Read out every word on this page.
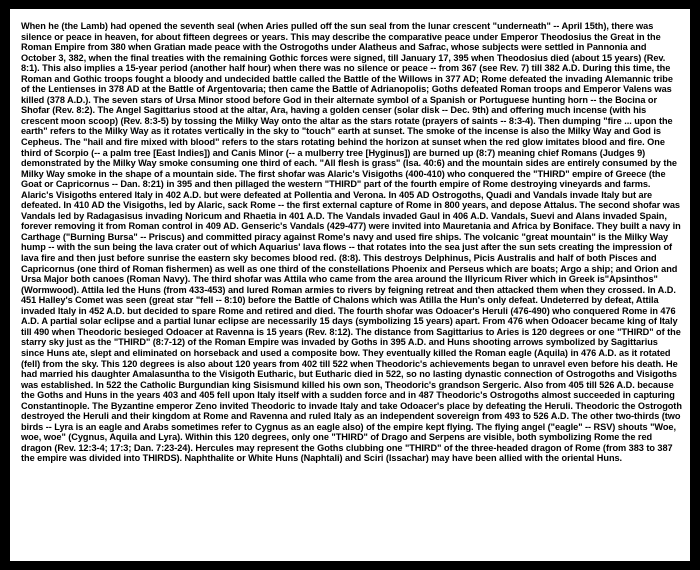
When he (the Lamb) had opened the seventh seal (when Aries pulled off the sun seal from the lunar crescent "underneath" -- April 15th), there was silence or peace in heaven, for about fifteen degrees or years. This may describe the comparative peace under Emperor Theodosius the Great in the Roman Empire from 380 when Gratian made peace with the Ostrogoths under Alatheus and Safrac, whose subjects were settled in Pannonia and October 3, 382, when the final treaties with the remaining Gothic forces were signed, till January 17, 395 when Theodosius died (about 15 years) (Rev. 8:1). This also implies a 15-year period (another half hour) when there was no silence or peace -- from 367 (see Rev. 7) till 382 A.D. During this time, the Roman and Gothic troops fought a bloody and undecided battle called the Battle of the Willows in 377 AD; Rome defeated the invading Alemannic tribe of the Lentienses in 378 AD at the Battle of Argentovaria; then came the Battle of Adrianopolis; Goths defeated Roman troops and Emperor Valens was killed (378 A.D.). The seven stars of Ursa Minor stood before God in their alternate symbol of a Spanish or Portuguese hunting horn -- the Bocina or Shofar (Rev. 8:2). The Angel Sagittarius stood at the altar, Ara, having a golden censer (solar disk -- Dec. 9th) and offering much incense (with his crescent moon scoop) (Rev. 8:3-5) by tossing the Milky Way onto the altar as the stars rotate (prayers of saints -- 8:3-4). Then dumping "fire ... upon the earth" refers to the Milky Way as it rotates vertically in the sky to "touch" earth at sunset. The smoke of the incense is also the Milky Way and God is Cepheus. The "hail and fire mixed with blood" refers to the stars rotating behind the horizon at sunset when the red glow imitates blood and fire. One third of Scorpio (-- a palm tree [East Indies]) and Canis Minor (-- a mulberry tree [Hyginus]) are burned up (8:7) meaning chief Romans (Judges 9) demonstrated by the Milky Way smoke consuming one third of each. "All flesh is grass" (Isa. 40:6) and the mountain sides are entirely consumed by the Milky Way smoke in the shape of a mountain side. The first shofar was Alaric's Visigoths (400-410) who conquered the "THIRD" empire of Greece (the Goat or Capricornus -- Dan. 8:21) in 395 and then pillaged the western "THIRD" part of the fourth empire of Rome destroying vineyards and farms. Alaric's Visigoths entered Italy in 402 A.D. but were defeated at Pollentia and Verona. In 405 AD Ostrogoths, Quadi and Vandals invade Italy but are defeated. In 410 AD the Visigoths, led by Alaric, sack Rome -- the first external capture of Rome in 800 years, and depose Attalus. The second shofar was Vandals led by Radagasisus invading Noricum and Rhaetia in 401 A.D. The Vandals invaded Gaul in 406 A.D. Vandals, Suevi and Alans invaded Spain, forever removing it from Roman control in 409 AD. Genseric's Vandals (429-477) were invited into Mauretania and Africa by Boniface. They built a navy in Carthage ("Burning Bursa" -- Priscus) and committed piracy against Rome's navy and used fire ships. The volcanic "great mountain" is the Milky Way hump -- with the sun being the lava crater out of which Aquarius' lava flows -- that rotates into the sea just after the sun sets creating the impression of lava fire and then just before sunrise the eastern sky becomes blood red. (8:8). This destroys Delphinus, Picis Australis and half of both Pisces and Capricornus (one third of Roman fishermen) as well as one third of the constellations Phoenix and Perseus which are boats; Argo a ship; and Orion and Ursa Major both canoes (Roman Navy). The third shofar was Attila who came from the area around the Illyricum River which in Greek is"Apsinthos" (Wormwood). Attila led the Huns (from 433-453) and lured Roman armies to rivers by feigning retreat and then attacked them when they crossed. In A.D. 451 Halley's Comet was seen (great star "fell -- 8:10) before the Battle of Chalons which was Atilla the Hun's only defeat. Undeterred by defeat, Attila invaded Italy in 452 A.D. but decided to spare Rome and retired and died. The fourth shofar was Odoacer's Heruli (476-490) who conquered Rome in 476 A.D. A partial solar eclipse and a partial lunar eclipse are necessarily 15 days (symbolizing 15 years) apart. From 476 when Odoacer became king of Italy till 490 when Theodoric besieged Odoacer at Ravenna is 15 years (Rev. 8:12). The distance from Sagittarius to Aries is 120 degrees or one "THIRD" of the starry sky just as the "THIRD" (8:7-12) of the Roman Empire was invaded by Goths in 395 A.D. and Huns shooting arrows symbolized by Sagittarius since Huns ate, slept and eliminated on horseback and used a composite bow. They eventually killed the Roman eagle (Aquila) in 476 A.D. as it rotated (fell) from the sky. This 120 degrees is also about 120 years from 402 till 522 when Theodoric's achievements began to unravel even before his death. He had married his daughter Amalasuntha to the Visigoth Eutharic, but Eutharic died in 522, so no lasting dynastic connection of Ostrogoths and Visigoths was established. In 522 the Catholic Burgundian king Sisismund killed his own son, Theodoric's grandson Sergeric. Also from 405 till 526 A.D. because the Goths and Huns in the years 403 and 405 fell upon Italy itself with a sudden force and in 487 Theodoric's Ostrogoths almost succeeded in capturing Constantinople. The Byzantine emperor Zeno invited Theodoric to invade Italy and take Odoacer's place by defeating the Heruli. Theodoric the Ostrogoth destroyed the Heruli and their kingdom at Rome and Ravenna and ruled Italy as an independent sovereign from 493 to 526 A.D. The other two-thirds (two birds -- Lyra is an eagle and Arabs sometimes refer to Cygnus as an eagle also) of the empire kept flying. The flying angel ("eagle" -- RSV) shouts "Woe, woe, woe" (Cygnus, Aquila and Lyra). Within this 120 degrees, only one "THIRD" of Drago and Serpens are visible, both symbolizing Rome the red dragon (Rev. 12:3-4; 17:3; Dan. 7:23-24). Hercules may represent the Goths clubbing one "THIRD" of the three-headed dragon of Rome (from 383 to 387 the empire was divided into THIRDS). Naphthalite or White Huns (Naphtali) and Sciri (Issachar) may have been allied with the oriental Huns.
